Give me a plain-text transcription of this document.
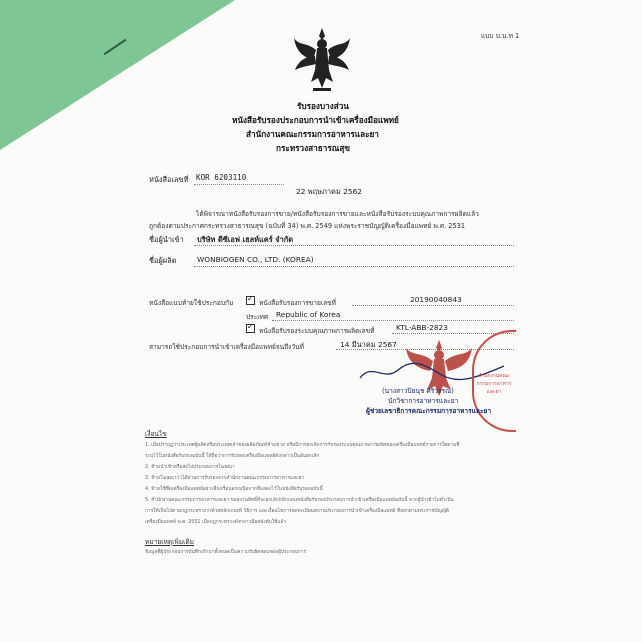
แบบ บ.น.ท 1
รับรองบางส่วน
หนังสือรับรองประกอบการนำเข้าเครื่องมือแพทย์
สำนักงานคณะกรรมการอาหารและยา
กระทรวงสาธารณสุข
หนังสือเลขที่ KOR 6203110
22 พฤษภาคม 2562
ได้พิจารณาหนังสือรับรองการขาย/หนังสือรับรองการขายและหนังสือรับรองระบบคุณภาพการผลิตแล้ว
ถูกต้องตามประกาศกระทรวงสาธารณสุข (ฉบับที่ 34) พ.ศ. 2549 แห่งพระราชบัญญัติเครื่องมือแพทย์ พ.ศ. 2531
ชื่อผู้นำเข้า บริษัท ดีซีเอฟ เฮลท์แคร์ จำกัด
ชื่อผู้ผลิต	WONBIOGEN CO., LTD. (KOREA)
หนังสือแนบท้ายใช้ประกอบกับ
✓	หนังสือรับรองการขายเลขที่	20190040843
ประเทศ Republic of Korea
✓
หนังสือรับรองระบบคุณภาพการผลิตเลขที่	KTL-ABB-2823
สามารถใช้ประกอบการนำเข้าเครื่องมือแพทย์จนถึงวันที่	14 มีนาคม 2567
สำนักงานคณะกรรมการอาหารและยา
(นางสาวปิยนุช ศิริวรรณ)
นักวิชาการอาหารและยา
ผู้ช่วยเลขาธิการคณะกรรมการอาหารและยา
เงื่อนไข
1. เมื่อปรากฏว่าประเทศผู้ผลิตหรือประเทศเจ้าของผลิตภัณฑ์ห้ามขาย หรือมีการยกเลิกการรับรองระบบคุณภาพการผลิตของเครื่องมือแพทย์รายการใดตามที่
ระบุไว้ในหนังสือรับรองฉบับนี้ ให้ถือว่าการรับรองเครื่องมือแพทย์ดังกล่าวเป็นอันยกเลิก
2. ห้ามนำเข้าหรือส่งไปประกอบการโฆษณา
3. ห้ามโฆษณาว่าได้ผ่านการรับรองจากสำนักงานคณะกรรมการอาหารและยา
4. ห้ามใช้ชื่อเครื่องมือแพทย์อย่างอื่นหรือนอกเหนือจากที่แสดงไว้ในหนังสือรับรองฉบับนี้
5. สำนักงานคณะกรรมการอาหารและยา ขอสงวนสิทธิ์ที่จะยกเลิก/เพิกถอนหนังสือรับรองประกอบการนำเข้าเครื่องมือแพทย์ฉบับนี้ หากผู้นำเข้าไม่ดำเนิน
การให้เป็นไปตามกฎกระทรวงว่าด้วยหลักเกณฑ์ วิธีการ และเงื่อนไขการจดทะเบียนสถานประกอบการนำเข้าเครื่องมือแพทย์ ที่ออกตามพระราชบัญญัติ
เครื่องมือแพทย์ พ.ศ. 2551 เมื่อกฎกระทรวงดังกล่าวมีผลบังคับใช้แล้ว
หมายเหตุเพิ่มเติม
ข้อมูลที่ผู้ประกอบการบันทึกเข้ามาทั้งหมดเป็นความรับผิดชอบของผู้ประกอบการ
